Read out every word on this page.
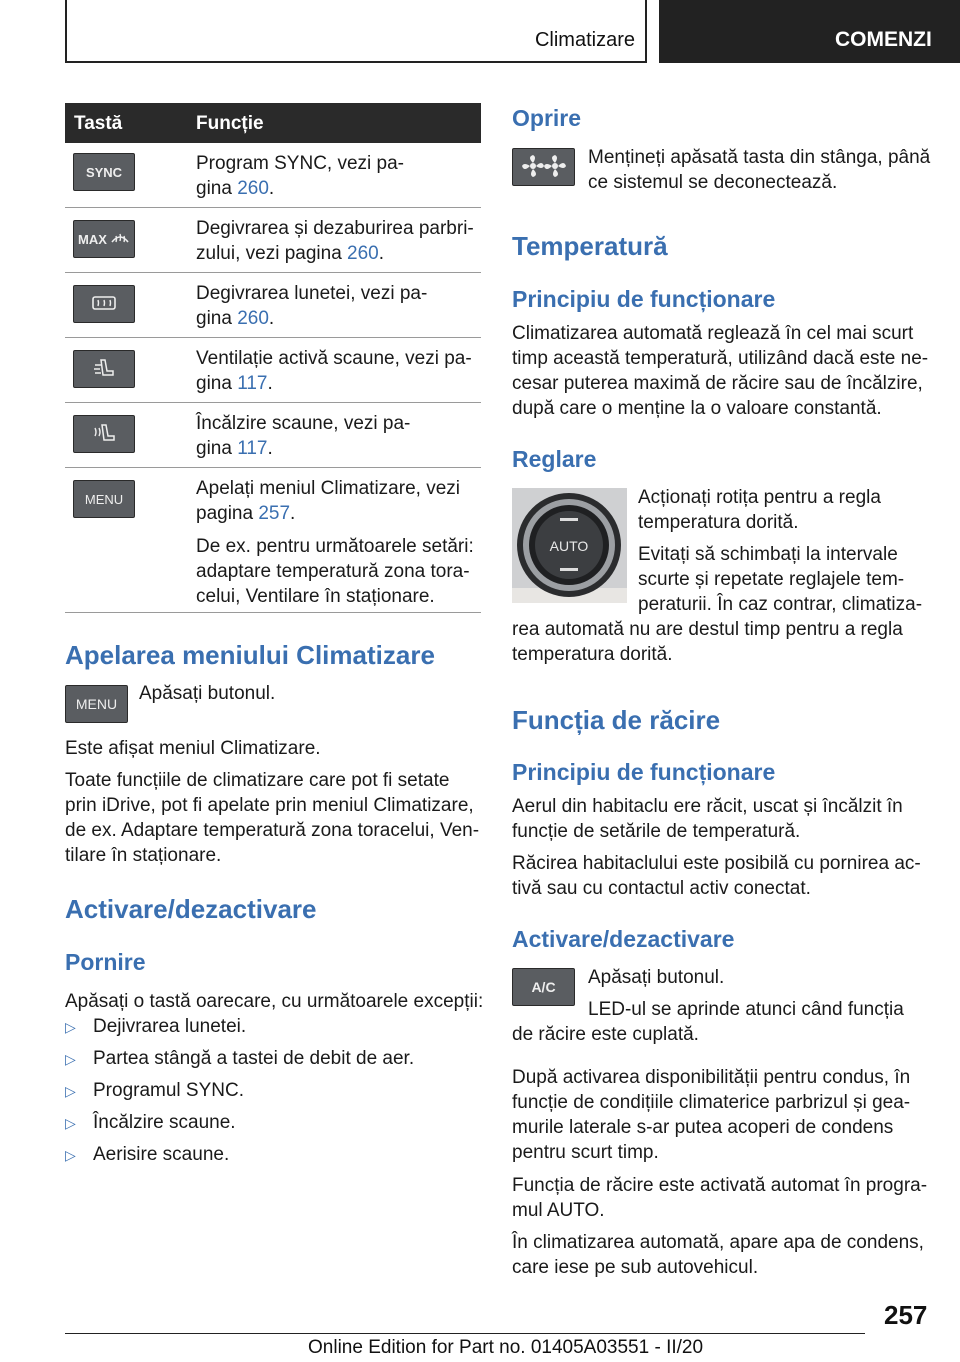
Climatizare	COMENZI
Tastă	Funcție
SYNC	Program SYNC, vezi pa-
gina 260.
MAX	Degivrarea și dezaburirea parbri-
zului, vezi pagina 260.
Degivrarea lunetei, vezi pa-
gina 260.
Ventilație activă scaune, vezi pa-
gina 117.
Încălzire scaune, vezi pa-
gina 117.
MENU	Apelați meniul Climatizare, vezi
pagina 257.

De ex. pentru următoarele setări:
adaptare temperatură zona tora-
celui, Ventilare în staționare.

Apelarea meniului Climatizare
MENU	Apăsați butonul.

Este afișat meniul Climatizare.

Toate funcțiile de climatizare care pot fi setate
prin iDrive, pot fi apelate prin meniul Climatizare,
de ex. Adaptare temperatură zona toracelui, Ven-
tilare în staționare.
Activare/dezactivare
Pornire

Apăsați o tastă oarecare, cu următoarele excepții:

▷ Dejivrarea lunetei.
▷ Partea stângă a tastei de debit de aer.
▷ Programul SYNC.
▷ Încălzire scaune.
▷ Aerisire scaune.
Oprire
Mențineți apăsată tasta din stânga, până
ce sistemul se deconectează.
Temperatură
Principiu de funcționare
Climatizarea automată reglează în cel mai scurt
timp această temperatură, utilizând dacă este ne-
cesar puterea maximă de răcire sau de încălzire,
după care o menține la o valoare constantă.
Reglare
AUTO
Acționați rotița pentru a regla
temperatura dorită.
Evitați să schimbați la intervale
scurte și repetate reglajele tem-
peraturii. În caz contrar, climatiza-
rea automată nu are destul timp pentru a regla
temperatura dorită.
Funcția de răcire
Principiu de funcționare
Aerul din habitaclu ere răcit, uscat și încălzit în
funcție de setările de temperatură.
Răcirea habitaclului este posibilă cu pornirea ac-
tivă sau cu contactul activ conectat.
Activare/dezactivare
A/C	Apăsați butonul.

LED-ul se aprinde atunci când funcția

de răcire este cuplată.

După activarea disponibilității pentru condus, în
funcție de condițiile climaterice parbrizul și gea-
murile laterale s-ar putea acoperi de condens
pentru scurt timp.
Funcția de răcire este activată automat în progra-
mul AUTO.
În climatizarea automată, apare apa de condens,
care iese pe sub autovehicul.
257
Online Edition for Part no. 01405A03551 - II/20
